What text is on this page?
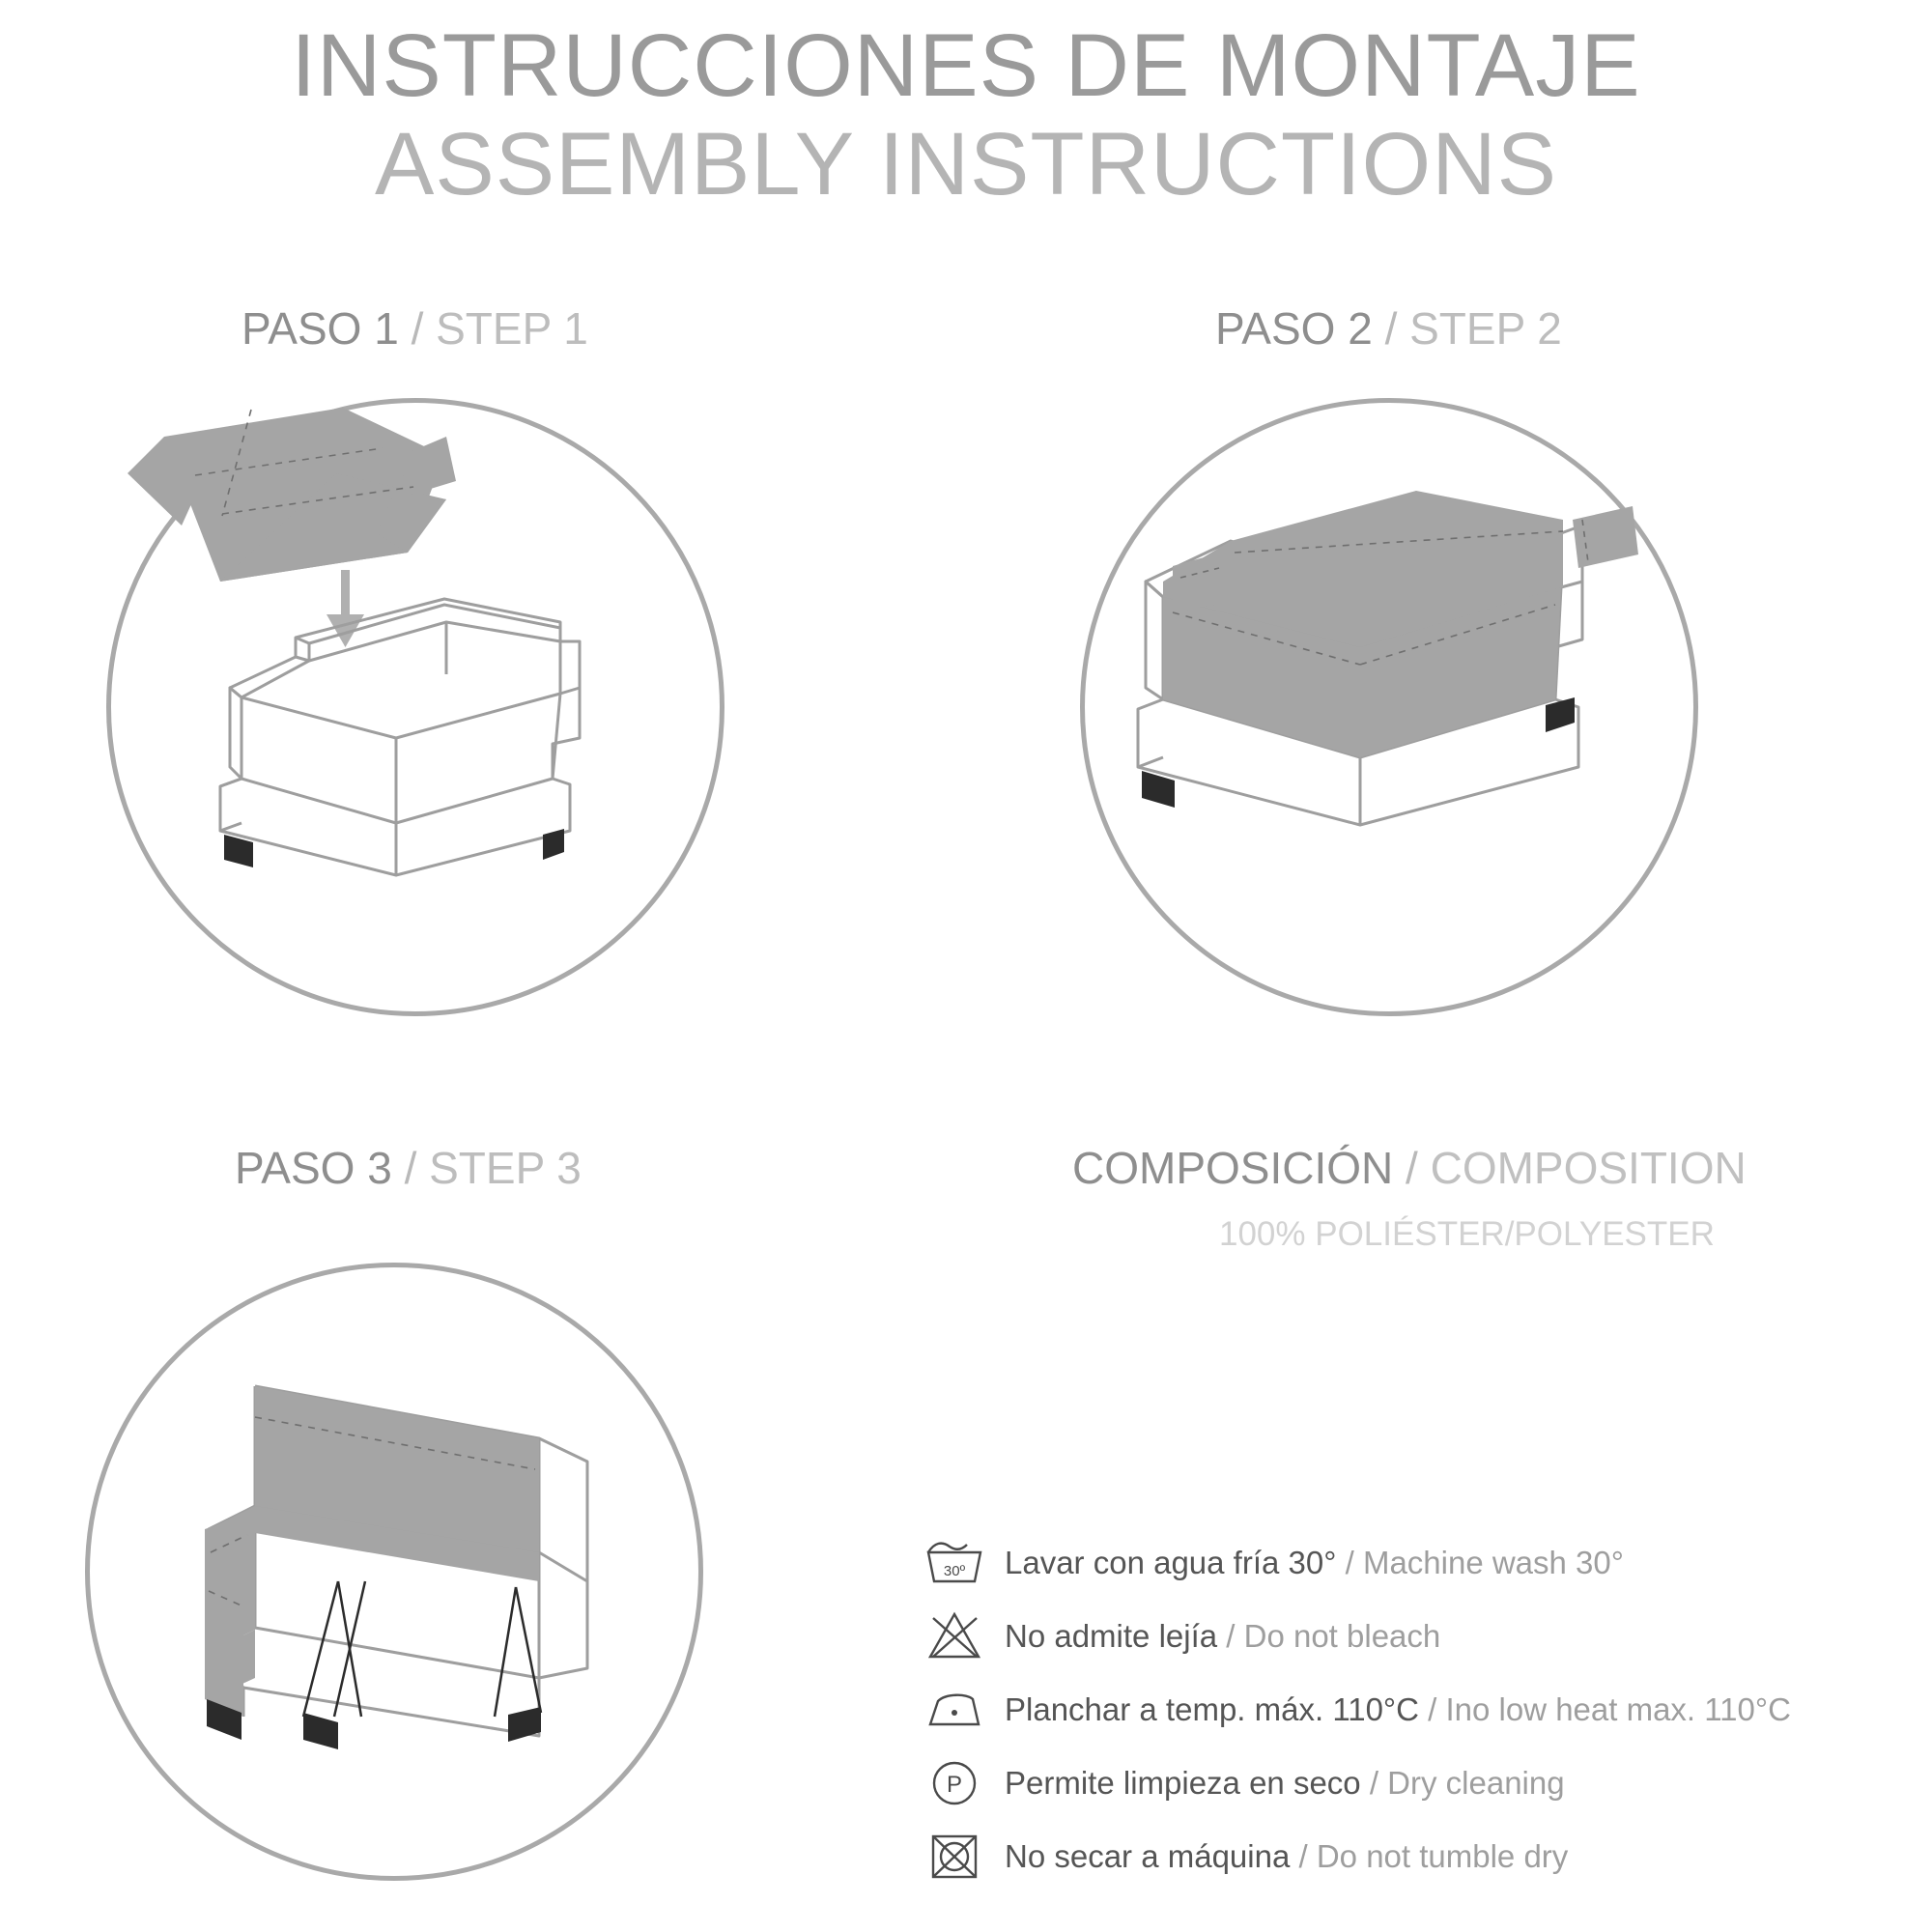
INSTRUCCIONES DE MONTAJE
ASSEMBLY INSTRUCTIONS
PASO 1 / STEP 1	PASO 2 / STEP 2
PASO 3 / STEP 3	COMPOSICIÓN / COMPOSITION
100% POLIÉSTER/POLYESTER
30º Lavar con agua fría 30° / Machine wash 30°
No admite lejía / Do not bleach
Planchar a temp. máx. 110°C / Ino low heat max. 110°C
P Permite limpieza en seco / Dry cleaning
No secar a máquina / Do not tumble dry
